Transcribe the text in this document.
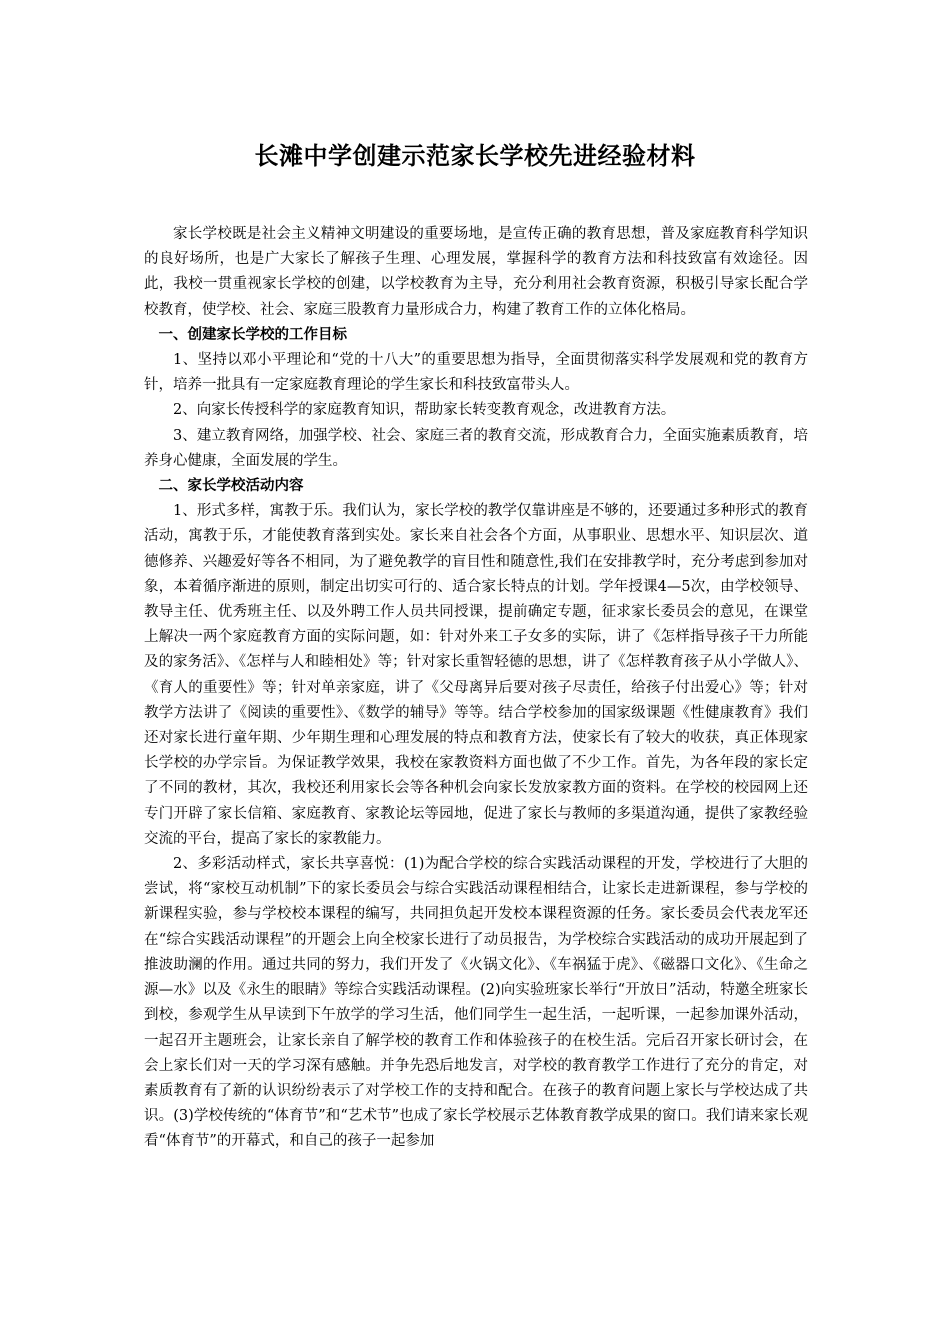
长滩中学创建示范家长学校先进经验材料

家长学校既是社会主义精神文明建设的重要场地，是宣传正确的教育思想，普及家庭教育科学知识的良好场所，也是广大家长了解孩子生理、心理发展，掌握科学的教育方法和科技致富有效途径。因此，我校一贯重视家长学校的创建，以学校教育为主导，充分利用社会教育资源，积极引导家长配合学校教育，使学校、社会、家庭三股教育力量形成合力，构建了教育工作的立体化格局。

一、创建家长学校的工作目标

1、坚持以邓小平理论和“党的十八大”的重要思想为指导，全面贯彻落实科学发展观和党的教育方针，培养一批具有一定家庭教育理论的学生家长和科技致富带头人。

2、向家长传授科学的家庭教育知识，帮助家长转变教育观念，改进教育方法。

3、建立教育网络，加强学校、社会、家庭三者的教育交流，形成教育合力，全面实施素质教育，培养身心健康，全面发展的学生。

二、家长学校活动内容

1、形式多样，寓教于乐。我们认为，家长学校的教学仅靠讲座是不够的，还要通过多种形式的教育活动，寓教于乐，才能使教育落到实处。家长来自社会各个方面，从事职业、思想水平、知识层次、道德修养、兴趣爱好等各不相同，为了避免教学的盲目性和随意性,我们在安排教学时，充分考虑到参加对象，本着循序渐进的原则，制定出切实可行的、适合家长特点的计划。学年授课4—5次，由学校领导、教导主任、优秀班主任、以及外聘工作人员共同授课，提前确定专题，征求家长委员会的意见，在课堂上解决一两个家庭教育方面的实际问题，如：针对外来工子女多的实际，讲了《怎样指导孩子干力所能及的家务活》、《怎样与人和睦相处》等；针对家长重智轻德的思想，讲了《怎样教育孩子从小学做人》、《育人的重要性》等；针对单亲家庭，讲了《父母离异后要对孩子尽责任，给孩子付出爱心》等；针对教学方法讲了《阅读的重要性》、《数学的辅导》等等。结合学校参加的国家级课题《性健康教育》我们还对家长进行童年期、少年期生理和心理发展的特点和教育方法，使家长有了较大的收获，真正体现家长学校的办学宗旨。为保证教学效果，我校在家教资料方面也做了不少工作。首先，为各年段的家长定了不同的教材，其次，我校还利用家长会等各种机会向家长发放家教方面的资料。在学校的校园网上还专门开辟了家长信箱、家庭教育、家教论坛等园地，促进了家长与教师的多渠道沟通，提供了家教经验交流的平台，提高了家长的家教能力。

2、多彩活动样式，家长共享喜悦：(1)为配合学校的综合实践活动课程的开发，学校进行了大胆的尝试，将“家校互动机制”下的家长委员会与综合实践活动课程相结合，让家长走进新课程，参与学校的新课程实验，参与学校校本课程的编写，共同担负起开发校本课程资源的任务。家长委员会代表龙军还在“综合实践活动课程”的开题会上向全校家长进行了动员报告，为学校综合实践活动的成功开展起到了推波助澜的作用。通过共同的努力，我们开发了《火锅文化》、《车祸猛于虎》、《磁器口文化》、《生命之源—水》以及《永生的眼睛》等综合实践活动课程。(2)向实验班家长举行“开放日”活动，特邀全班家长到校，参观学生从早读到下午放学的学习生活，他们同学生一起生活，一起听课，一起参加课外活动，一起召开主题班会，让家长亲自了解学校的教育工作和体验孩子的在校生活。完后召开家长研讨会，在会上家长们对一天的学习深有感触。并争先恐后地发言，对学校的教育教学工作进行了充分的肯定，对素质教育有了新的认识纷纷表示了对学校工作的支持和配合。在孩子的教育问题上家长与学校达成了共识。(3)学校传统的“体育节”和“艺术节”也成了家长学校展示艺体教育教学成果的窗口。我们请来家长观看“体育节”的开幕式，和自己的孩子一起参加
